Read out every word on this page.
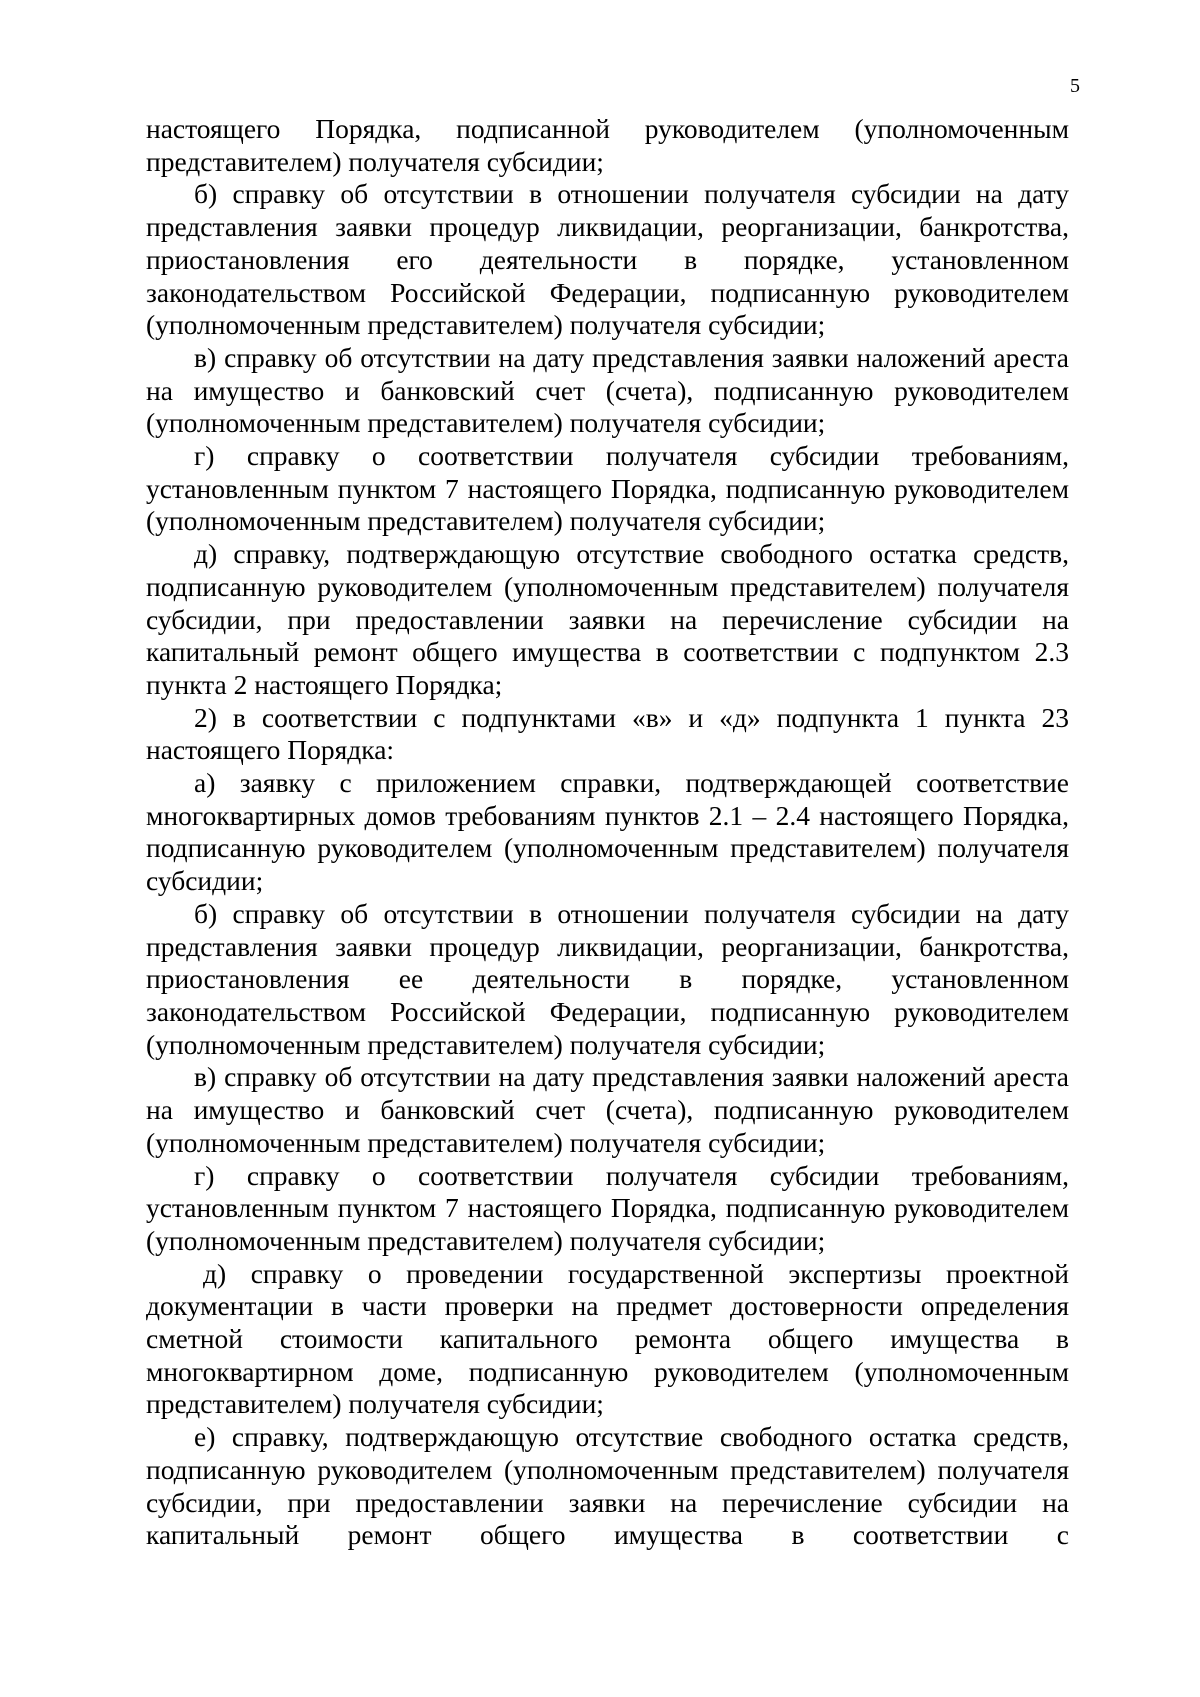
5

настоящего Порядка, подписанной руководителем (уполномоченным представителем) получателя субсидии;

б) справку об отсутствии в отношении получателя субсидии на дату представления заявки процедур ликвидации, реорганизации, банкротства, приостановления его деятельности в порядке, установленном законодательством Российской Федерации, подписанную руководителем (уполномоченным представителем) получателя субсидии;

в) справку об отсутствии на дату представления заявки наложений ареста на имущество и банковский счет (счета), подписанную руководителем (уполномоченным представителем) получателя субсидии;

г) справку о соответствии получателя субсидии требованиям, установленным пунктом 7 настоящего Порядка, подписанную руководителем (уполномоченным представителем) получателя субсидии;

д) справку, подтверждающую отсутствие свободного остатка средств, подписанную руководителем (уполномоченным представителем) получателя субсидии, при предоставлении заявки на перечисление субсидии на капитальный ремонт общего имущества в соответствии с подпунктом 2.3 пункта 2 настоящего Порядка;

2) в соответствии с подпунктами «в» и «д» подпункта 1 пункта 23 настоящего Порядка:

а) заявку с приложением справки, подтверждающей соответствие многоквартирных домов требованиям пунктов 2.1 – 2.4 настоящего Порядка, подписанную руководителем (уполномоченным представителем) получателя субсидии;

б) справку об отсутствии в отношении получателя субсидии на дату представления заявки процедур ликвидации, реорганизации, банкротства, приостановления ее деятельности в порядке, установленном законодательством Российской Федерации, подписанную руководителем (уполномоченным представителем) получателя субсидии;

в) справку об отсутствии на дату представления заявки наложений ареста на имущество и банковский счет (счета), подписанную руководителем (уполномоченным представителем) получателя субсидии;

г) справку о соответствии получателя субсидии требованиям, установленным пунктом 7 настоящего Порядка, подписанную руководителем (уполномоченным представителем) получателя субсидии;

д) справку о проведении государственной экспертизы проектной документации в части проверки на предмет достоверности определения сметной стоимости капитального ремонта общего имущества в многоквартирном доме, подписанную руководителем (уполномоченным представителем) получателя субсидии;

е) справку, подтверждающую отсутствие свободного остатка средств, подписанную руководителем (уполномоченным представителем) получателя субсидии, при предоставлении заявки на перечисление субсидии на капитальный ремонт общего имущества в соответствии с
